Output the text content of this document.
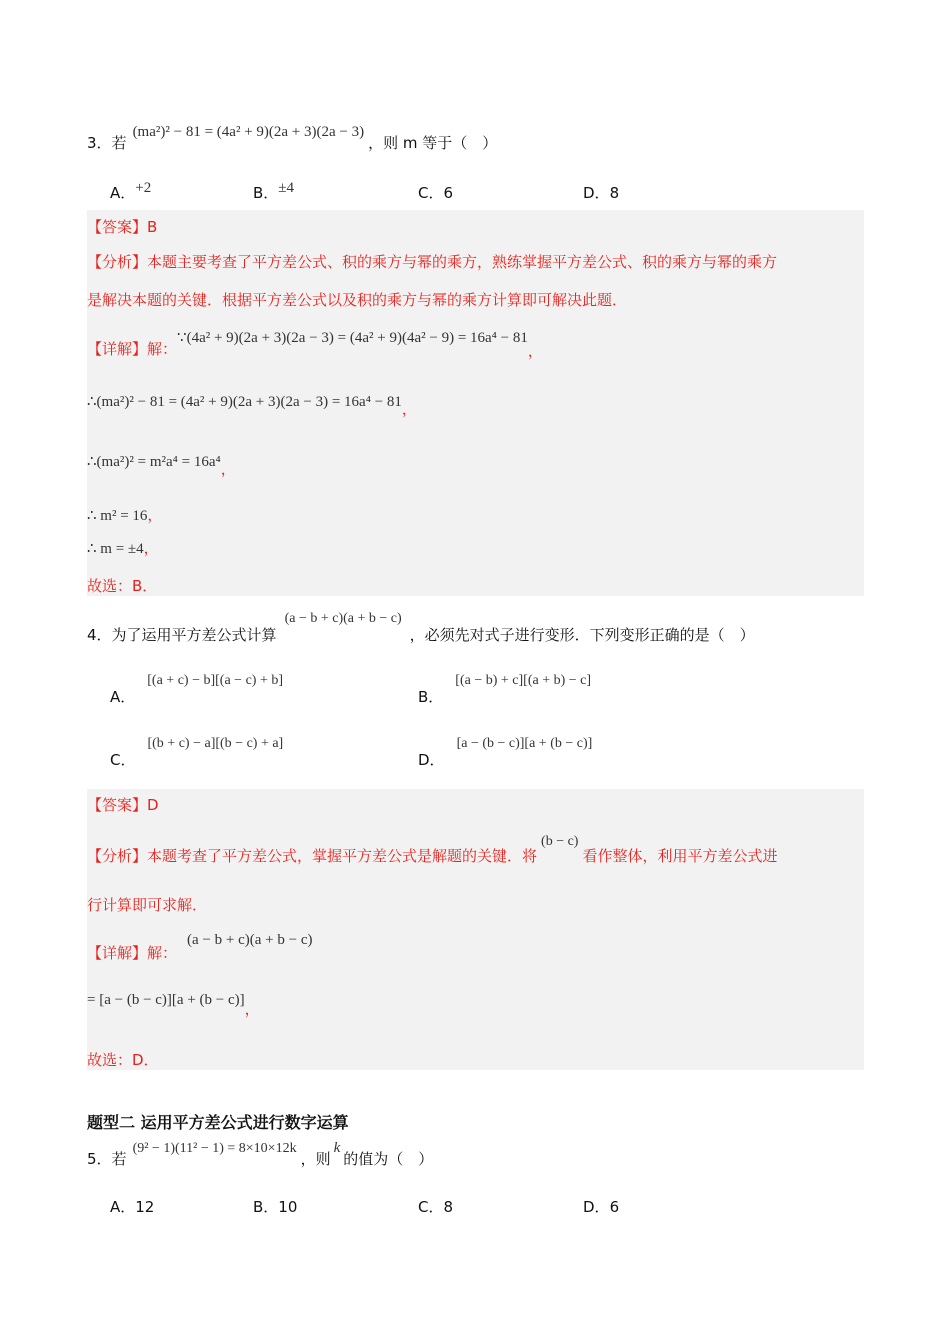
3．若(ma²)² − 81 = (4a² + 9)(2a + 3)(2a − 3)，则 m 等于（　）
A．+2	B．±4	C．6	D．8
【答案】B
【分析】本题主要考查了平方差公式、积的乘方与幂的乘方，熟练掌握平方差公式、积的乘方与幂的乘方
是解决本题的关键．根据平方差公式以及积的乘方与幂的乘方计算即可解决此题．
【详解】解：∵(4a² + 9)(2a + 3)(2a − 3) = (4a² + 9)(4a² − 9) = 16a⁴ − 81，
∴(ma²)² − 81 = (4a² + 9)(2a + 3)(2a − 3) = 16a⁴ − 81，
∴(ma²)² = m²a⁴ = 16a⁴，
∴ m² = 16，
∴ m = ±4，
故选：B．
4．为了运用平方差公式计算(a − b + c)(a + b − c)，必须先对式子进行变形．下列变形正确的是（　）
A．[(a + c) − b][(a − c) + b]
B．[(a − b) + c][(a + b) − c]
C．[(b + c) − a][(b − c) + a]
D．[a − (b − c)][a + (b − c)]
【答案】D
【分析】本题考查了平方差公式，掌握平方差公式是解题的关键．将(b − c)看作整体，利用平方差公式进
行计算即可求解．
【详解】解：(a − b + c)(a + b − c)
= [a − (b − c)][a + (b − c)]，
故选：D．
题型二 运用平方差公式进行数字运算
5．若(9² − 1)(11² − 1) = 8×10×12k，则k的值为（　）
A．12	B．10	C．8	D．6
